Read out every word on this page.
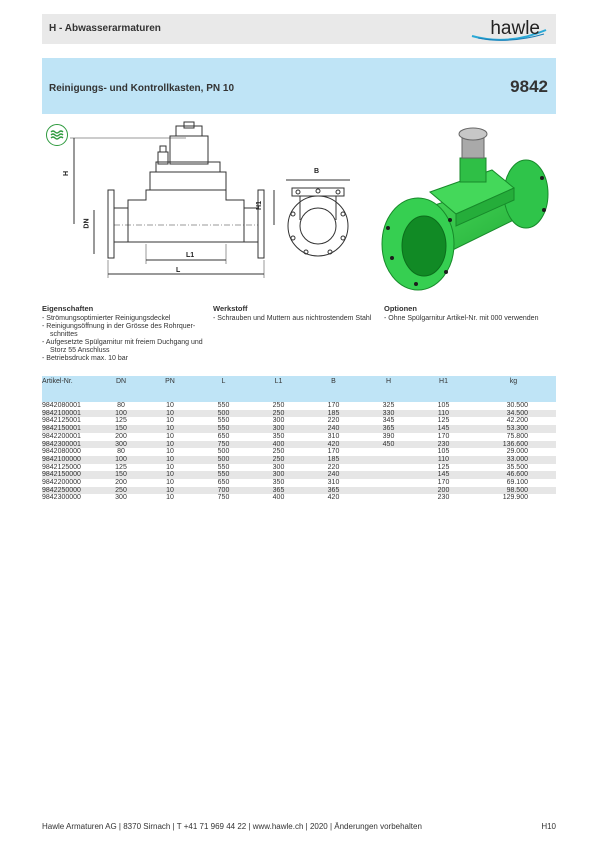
H - Abwasserarmaturen	hawle
Reinigungs- und Kontrollkasten, PN 10	9842
H
DN
H1
L1
L
B
Eigenschaften
- Strömungsoptimierter Reinigungsdeckel
- Reinigungsöffnung in der Grösse des Rohrquer-schnittes
- Aufgesetzte Spülgarnitur mit freiem Duchgang und Storz 55 Anschluss
- Betriebsdruck max. 10 bar
Werkstoff
- Schrauben und Muttern aus nichtrostendem Stahl
Optionen
- Ohne Spülgarnitur Artikel-Nr. mit 000 verwenden
Artikel-Nr.	DN	PN	L	L1	B	H	H1	kg
9842080001	80	10	550	250	170	325	105	30.500
9842100001	100	10	500	250	185	330	110	34.500
9842125001	125	10	550	300	220	345	125	42.200
9842150001	150	10	550	300	240	365	145	53.300
9842200001	200	10	650	350	310	390	170	75.800
9842300001	300	10	750	400	420	450	230	136.600
9842080000	80	10	500	250	170		105	29.000
9842100000	100	10	500	250	185		110	33.000
9842125000	125	10	550	300	220		125	35.500
9842150000	150	10	550	300	240		145	46.600
9842200000	200	10	650	350	310		170	69.100
9842250000	250	10	700	365	365		200	98.500
9842300000	300	10	750	400	420		230	129.900
Hawle Armaturen AG | 8370 Sirnach | T +41 71 969 44 22 | www.hawle.ch | 2020 | Änderungen vorbehalten	H10
